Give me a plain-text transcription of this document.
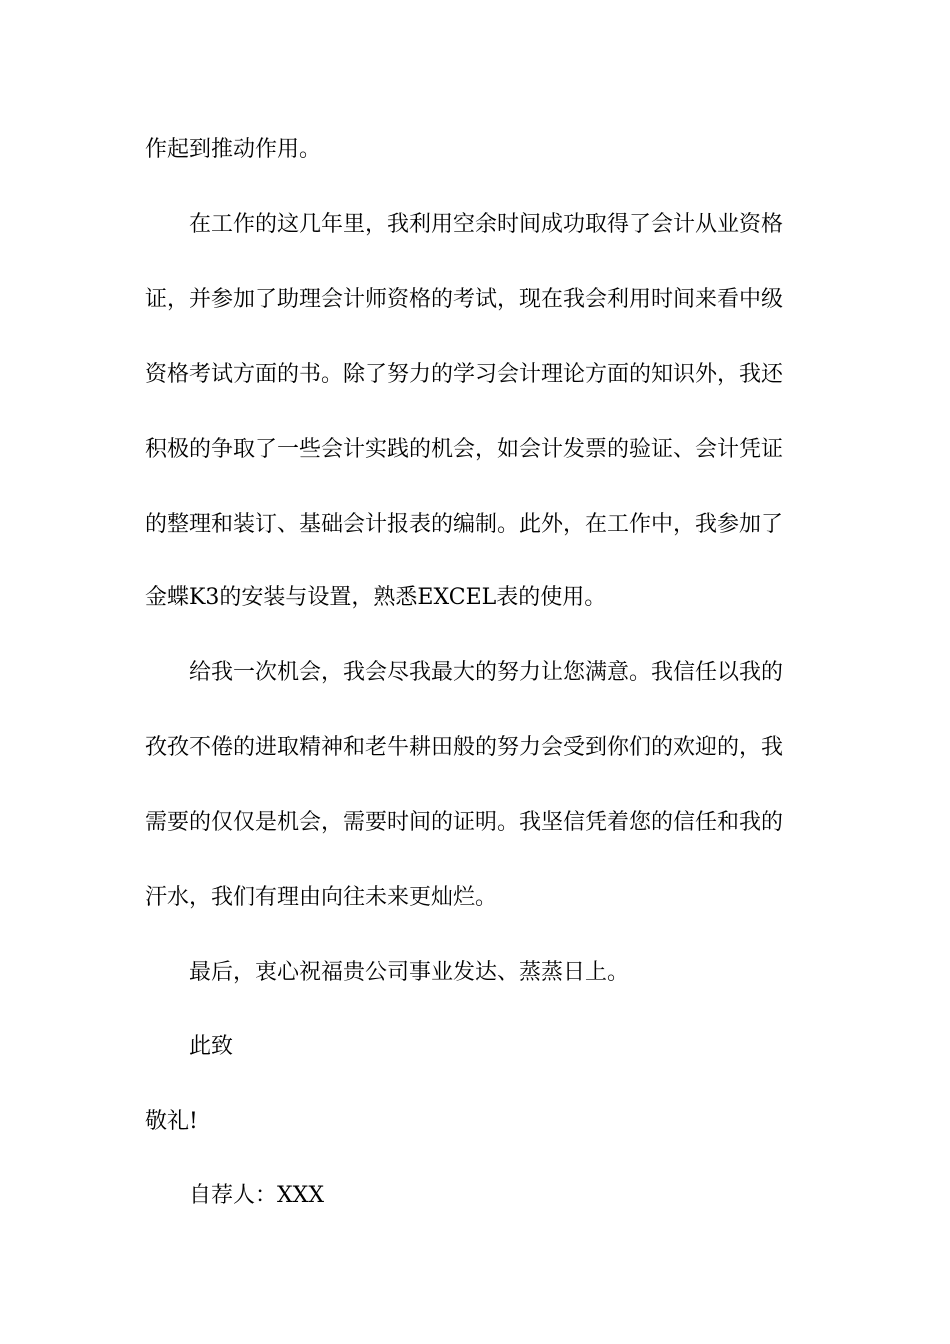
作起到推动作用。
在工作的这几年里，我利用空余时间成功取得了会计从业资格
证，并参加了助理会计师资格的考试，现在我会利用时间来看中级
资格考试方面的书。除了努力的学习会计理论方面的知识外，我还
积极的争取了一些会计实践的机会，如会计发票的验证、会计凭证
的整理和装订、基础会计报表的编制。此外，在工作中，我参加了
金蝶K3的安装与设置，熟悉EXCEL表的使用。
给我一次机会，我会尽我最大的努力让您满意。我信任以我的
孜孜不倦的进取精神和老牛耕田般的努力会受到你们的欢迎的，我
需要的仅仅是机会，需要时间的证明。我坚信凭着您的信任和我的
汗水，我们有理由向往未来更灿烂。
最后，衷心祝福贵公司事业发达、蒸蒸日上。
此致
敬礼!
自荐人：XXX
